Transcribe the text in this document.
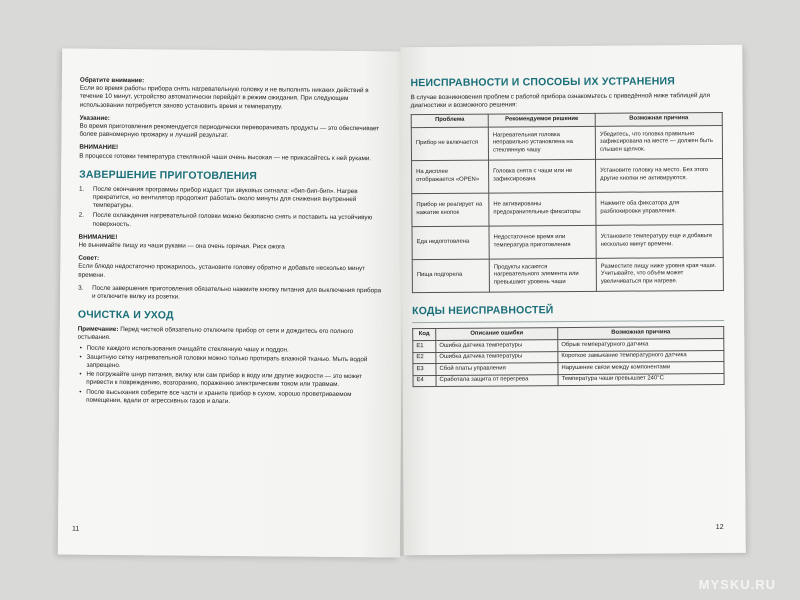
Обратите внимание:
Если во время работы прибора снять нагревательную головку и не выполнять никаких действий в течение 10 минут, устройство автоматически перейдёт в режим ожидания. При следующем использовании потребуется заново установить время и температуру.
Указание:
Во время приготовления рекомендуется периодически переворачивать продукты — это обеспечивает более равномерную прожарку и лучший результат.
ВНИМАНИЕ!
В процессе готовки температура стеклянной чаши очень высокая — не прикасайтесь к ней руками.
ЗАВЕРШЕНИЕ ПРИГОТОВЛЕНИЯ
1. После окончания программы прибор издаст три звуковых сигнала: «бип-бип-бип». Нагрев прекратится, но вентилятор продолжит работать около минуты для снижения внутренней температуры.
2. После охлаждения нагревательной головки можно безопасно снять и поставить на устойчивую поверхность.
ВНИМАНИЕ!
Не вынимайте пищу из чаши руками — она очень горячая. Риск ожога
Совет:
Если блюдо недостаточно прожарилось, установите головку обратно и добавьте несколько минут времени.
3. После завершения приготовления обязательно нажмите кнопку питания для выключения прибора и отключите вилку из розетки.
ОЧИСТКА И УХОД
Примечание: Перед чисткой обязательно отключите прибор от сети и дождитесь его полного остывания.
• После каждого использования очищайте стеклянную чашу и поддон.
• Защитную сетку нагревательной головки можно только протирать влажной тканью. Мыть водой запрещено.
• Не погружайте шнур питания, вилку или сам прибор в воду или другие жидкости — это может привести к повреждению, возгоранию, поражению электрическим током или травмам.
• После высыхания соберите все части и храните прибор в сухом, хорошо проветриваемом помещении, вдали от агрессивных газов и влаги.
11
НЕИСПРАВНОСТИ И СПОСОБЫ ИХ УСТРАНЕНИЯ
В случае возникновения проблем с работой прибора ознакомьтесь с приведённой ниже таблицей для диагностики и возможного решения:
Проблема	Рекомендуемое решение	Возможная причина
Прибор не включается	Нагревательная головка неправильно установлена на стеклянную чашу	Убедитесь, что головка правильно зафиксирована на месте — должен быть слышен щелчок.
На дисплее отображается «OPEN»	Головка снята с чаши или не зафиксирована	Установите головку на место. Без этого другие кнопки не активируются.
Прибор не реагирует на нажатие кнопок	Не активированы предохранительные фиксаторы	Нажмите оба фиксатора для разблокировки управления.
Еда недоготовлена	Недостаточное время или температура приготовления	Установите температуру еще и добавьте несколько минут времени.
Пища подгорела	Продукты касаются нагревательного элемента или превышают уровень чаши	Разместите пищу ниже уровня края чаши. Учитывайте, что объём может увеличиваться при нагреве.
КОДЫ НЕИСПРАВНОСТЕЙ
Код	Описание ошибки	Возможная причина
E1	Ошибка датчика температуры	Обрыв температурного датчика
E2	Ошибка датчика температуры	Короткое замыкание температурного датчика
E3	Сбой платы управления	Нарушение связи между компонентами
E4	Сработала защита от перегрева	Температура чаши превышает 240°C
12
MYSKU.RU
